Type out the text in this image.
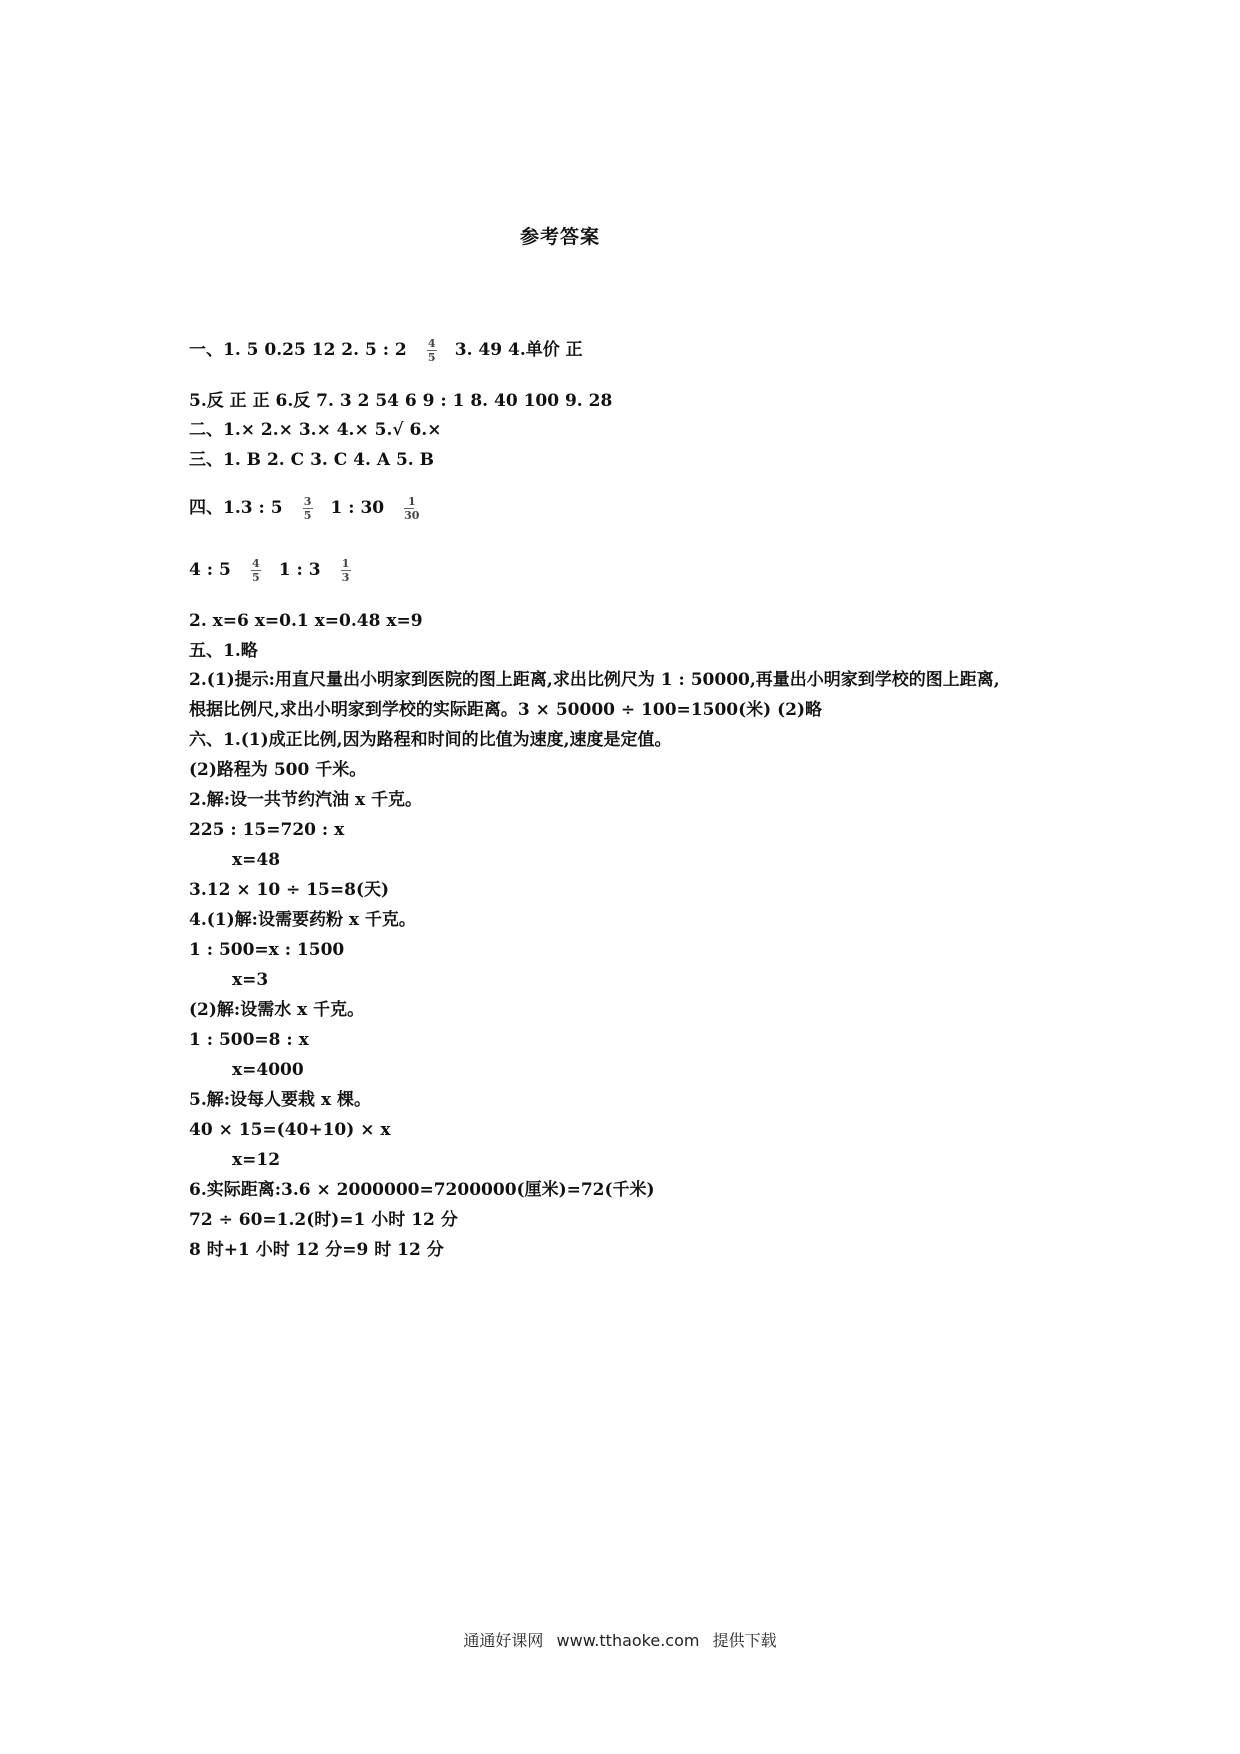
参考答案
一、1. 5 0.25 12 2. 5 : $2 \frac{4}{5} 3$. 49 4.单价 正
5.反 正 正 6.反 7. 3 2 54 6 9 : 1 8. 40 100 9. 28
二、1.× 2.× 3.× 4.× 5.√ 6.×
三、1. B 2. C 3. C 4. A 5. B
四、1.3 : $5 \frac{3}{5} 1$ : $30 \frac{1}{30}$
4 : $5 \frac{4}{5} 1$ : $3 \frac{1}{3}$
2. x=6 x=0.1 x=0.48 x=9
五、1.略
2.(1)提示:用直尺量出小明家到医院的图上距离,求出比例尺为 1 : 50000,再量出小明家到学校的图上距离,
根据比例尺,求出小明家到学校的实际距离。3 × 50000 ÷ 100=1500(米) (2)略
六、1.(1)成正比例,因为路程和时间的比值为速度,速度是定值。
(2)路程为 500 千米。
2.解:设一共节约汽油 x 千克。
225 : 15=720 : x
x=48
3.12 × 10 ÷ 15=8(天)
4.(1)解:设需要药粉 x 千克。
1 : 500=x : 1500
x=3
(2)解:设需水 x 千克。
1 : 500=8 : x
x=4000
5.解:设每人要栽 x 棵。
40 × 15=(40+10) × x
x=12
6.实际距离:3.6 × 2000000=7200000(厘米)=72(千米)
72 ÷ 60=1.2(时)=1 小时 12 分
8 时+1 小时 12 分=9 时 12 分
通通好课网 www.tthaoke.com 提供下载
